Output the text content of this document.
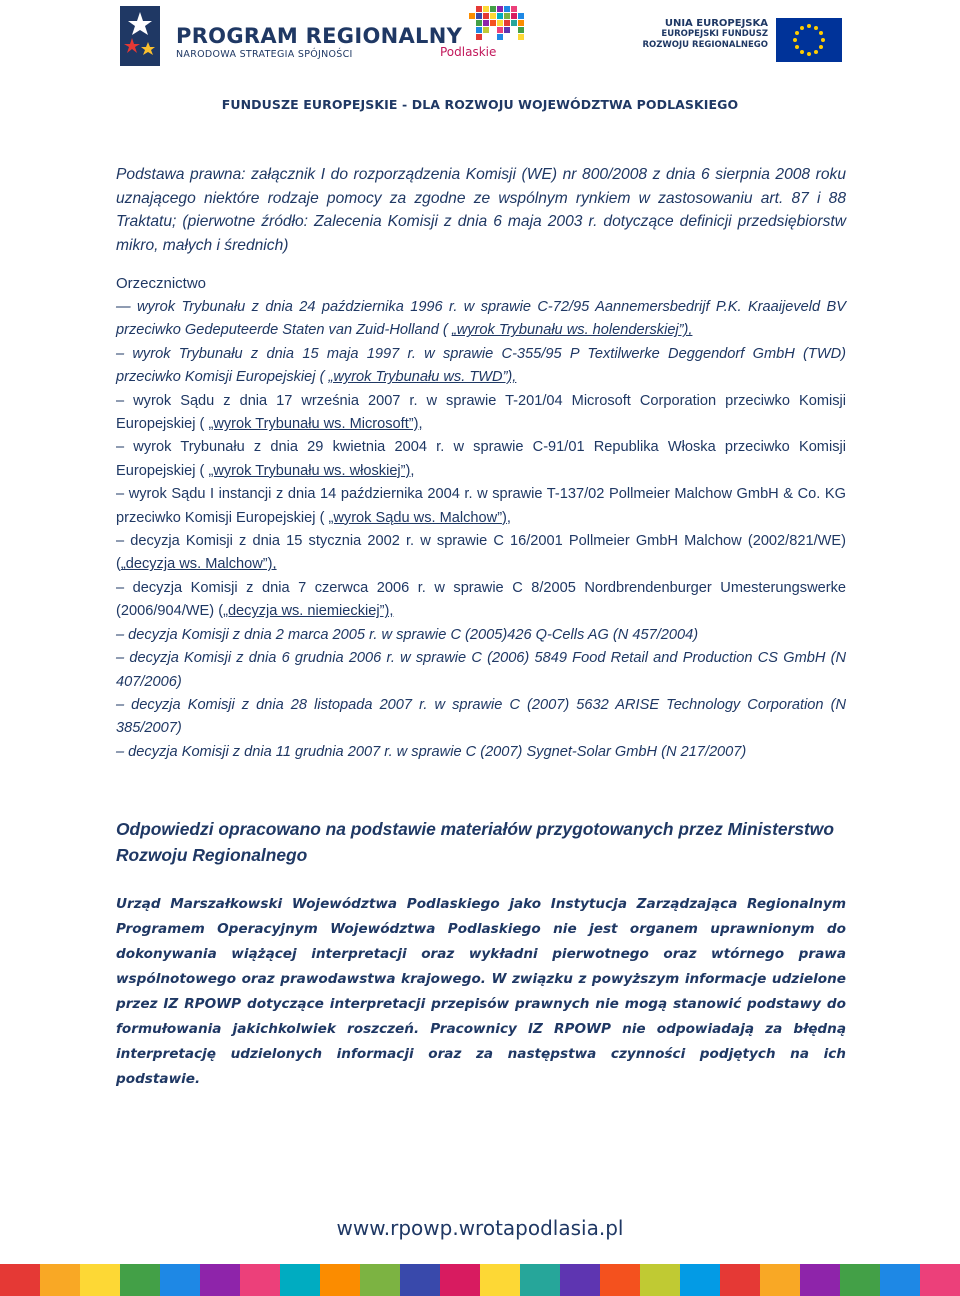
PROGRAM REGIONALNY
NARODOWA STRATEGIA SPÓJNOŚCI	Podlaskie
UNIA EUROPEJSKA
EUROPEJSKI FUNDUSZ
ROZWOJU REGIONALNEGO
FUNDUSZE EUROPEJSKIE - DLA ROZWOJU WOJEWÓDZTWA PODLASKIEGO

Podstawa prawna: załącznik I do rozporządzenia Komisji (WE) nr 800/2008 z dnia 6 sierpnia 2008 roku uznającego niektóre rodzaje pomocy za zgodne ze wspólnym rynkiem w zastosowaniu art. 87 i 88 Traktatu; (pierwotne źródło: Zalecenia Komisji z dnia 6 maja 2003 r. dotyczące definicji przedsiębiorstw mikro, małych i średnich)

Orzecznictwo

— wyrok Trybunału z dnia 24 października 1996 r. w sprawie C-72/95 Aannemersbedrijf P.K. Kraaijeveld BV przeciwko Gedeputeerde Staten van Zuid-Holland ( „wyrok Trybunału ws. holenderskiej”),

– wyrok Trybunału z dnia 15 maja 1997 r. w sprawie C-355/95 P Textilwerke Deggendorf GmbH (TWD) przeciwko Komisji Europejskiej ( „wyrok Trybunału ws. TWD”),

– wyrok Sądu z dnia 17 września 2007 r. w sprawie T-201/04 Microsoft Corporation przeciwko Komisji Europejskiej ( „wyrok Trybunału ws. Microsoft”),

– wyrok Trybunału z dnia 29 kwietnia 2004 r. w sprawie C-91/01 Republika Włoska przeciwko Komisji Europejskiej ( „wyrok Trybunału ws. włoskiej”),

– wyrok Sądu I instancji z dnia 14 października 2004 r. w sprawie T-137/02 Pollmeier Malchow GmbH & Co. KG przeciwko Komisji Europejskiej ( „wyrok Sądu ws. Malchow”),

– decyzja Komisji z dnia 15 stycznia 2002 r. w sprawie C 16/2001 Pollmeier GmbH Malchow (2002/821/WE) („decyzja ws. Malchow”),

– decyzja Komisji z dnia 7 czerwca 2006 r. w sprawie C 8/2005 Nordbrendenburger Umesterungswerke (2006/904/WE) („decyzja ws. niemieckiej”),

– decyzja Komisji z dnia 2 marca 2005 r. w sprawie C (2005)426 Q-Cells AG (N 457/2004)

– decyzja Komisji z dnia 6 grudnia 2006 r. w sprawie C (2006) 5849 Food Retail and Production CS GmbH (N 407/2006)

– decyzja Komisji z dnia 28 listopada 2007 r. w sprawie C (2007) 5632 ARISE Technology Corporation (N 385/2007)

– decyzja Komisji z dnia 11 grudnia 2007 r. w sprawie C (2007) Sygnet-Solar GmbH (N 217/2007)

Odpowiedzi opracowano na podstawie materiałów przygotowanych przez Ministerstwo Rozwoju Regionalnego

Urząd Marszałkowski Województwa Podlaskiego jako Instytucja Zarządzająca Regionalnym Programem Operacyjnym Województwa Podlaskiego nie jest organem uprawnionym do dokonywania wiążącej interpretacji oraz wykładni pierwotnego oraz wtórnego prawa wspólnotowego oraz prawodawstwa krajowego. W związku z powyższym informacje udzielone przez IZ RPOWP dotyczące interpretacji przepisów prawnych nie mogą stanowić podstawy do formułowania jakichkolwiek roszczeń. Pracownicy IZ RPOWP nie odpowiadają za błędną interpretację udzielonych informacji oraz za następstwa czynności podjętych na ich podstawie.

www.rpowp.wrotapodlasia.pl
